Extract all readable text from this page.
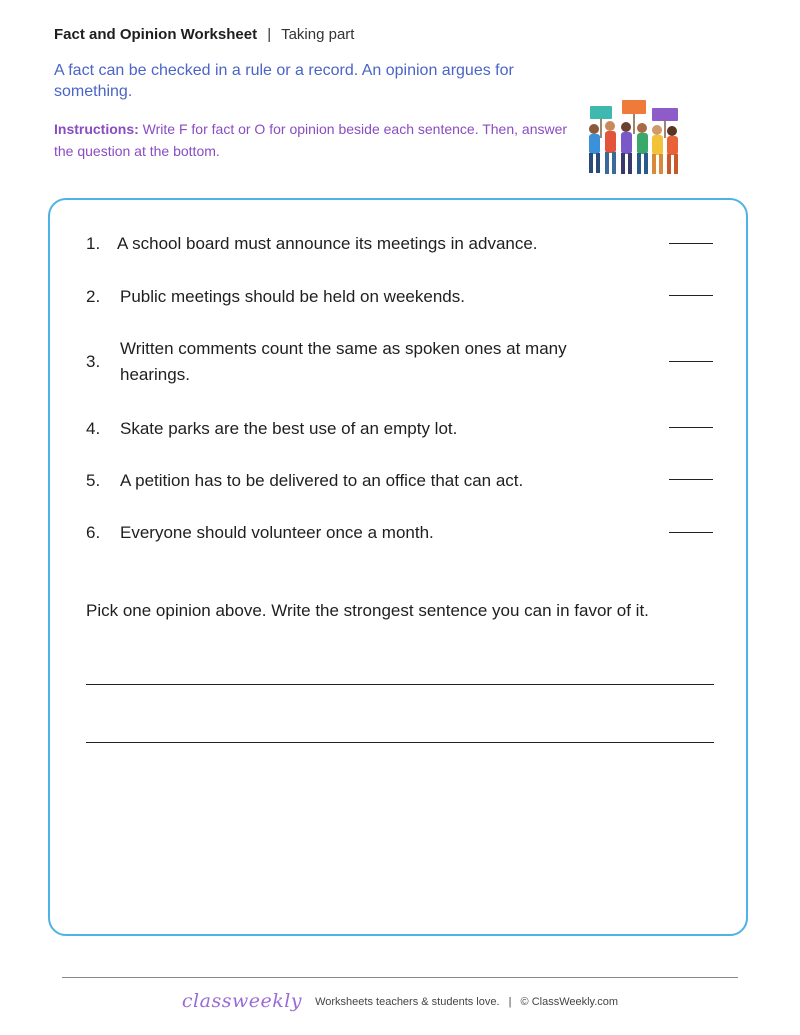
Fact and Opinion Worksheet | Taking part
A fact can be checked in a rule or a record. An opinion argues for something.
Instructions: Write F for fact or O for opinion beside each sentence. Then, answer the question at the bottom.
1. A school board must announce its meetings in advance.
2. Public meetings should be held on weekends.
3.
Written comments count the same as spoken ones at many hearings.
4. Skate parks are the best use of an empty lot.
5. A petition has to be delivered to an office that can act.
6. Everyone should volunteer once a month.
Pick one opinion above. Write the strongest sentence you can in favor of it.
classweekly Worksheets teachers & students love. | © ClassWeekly.com
